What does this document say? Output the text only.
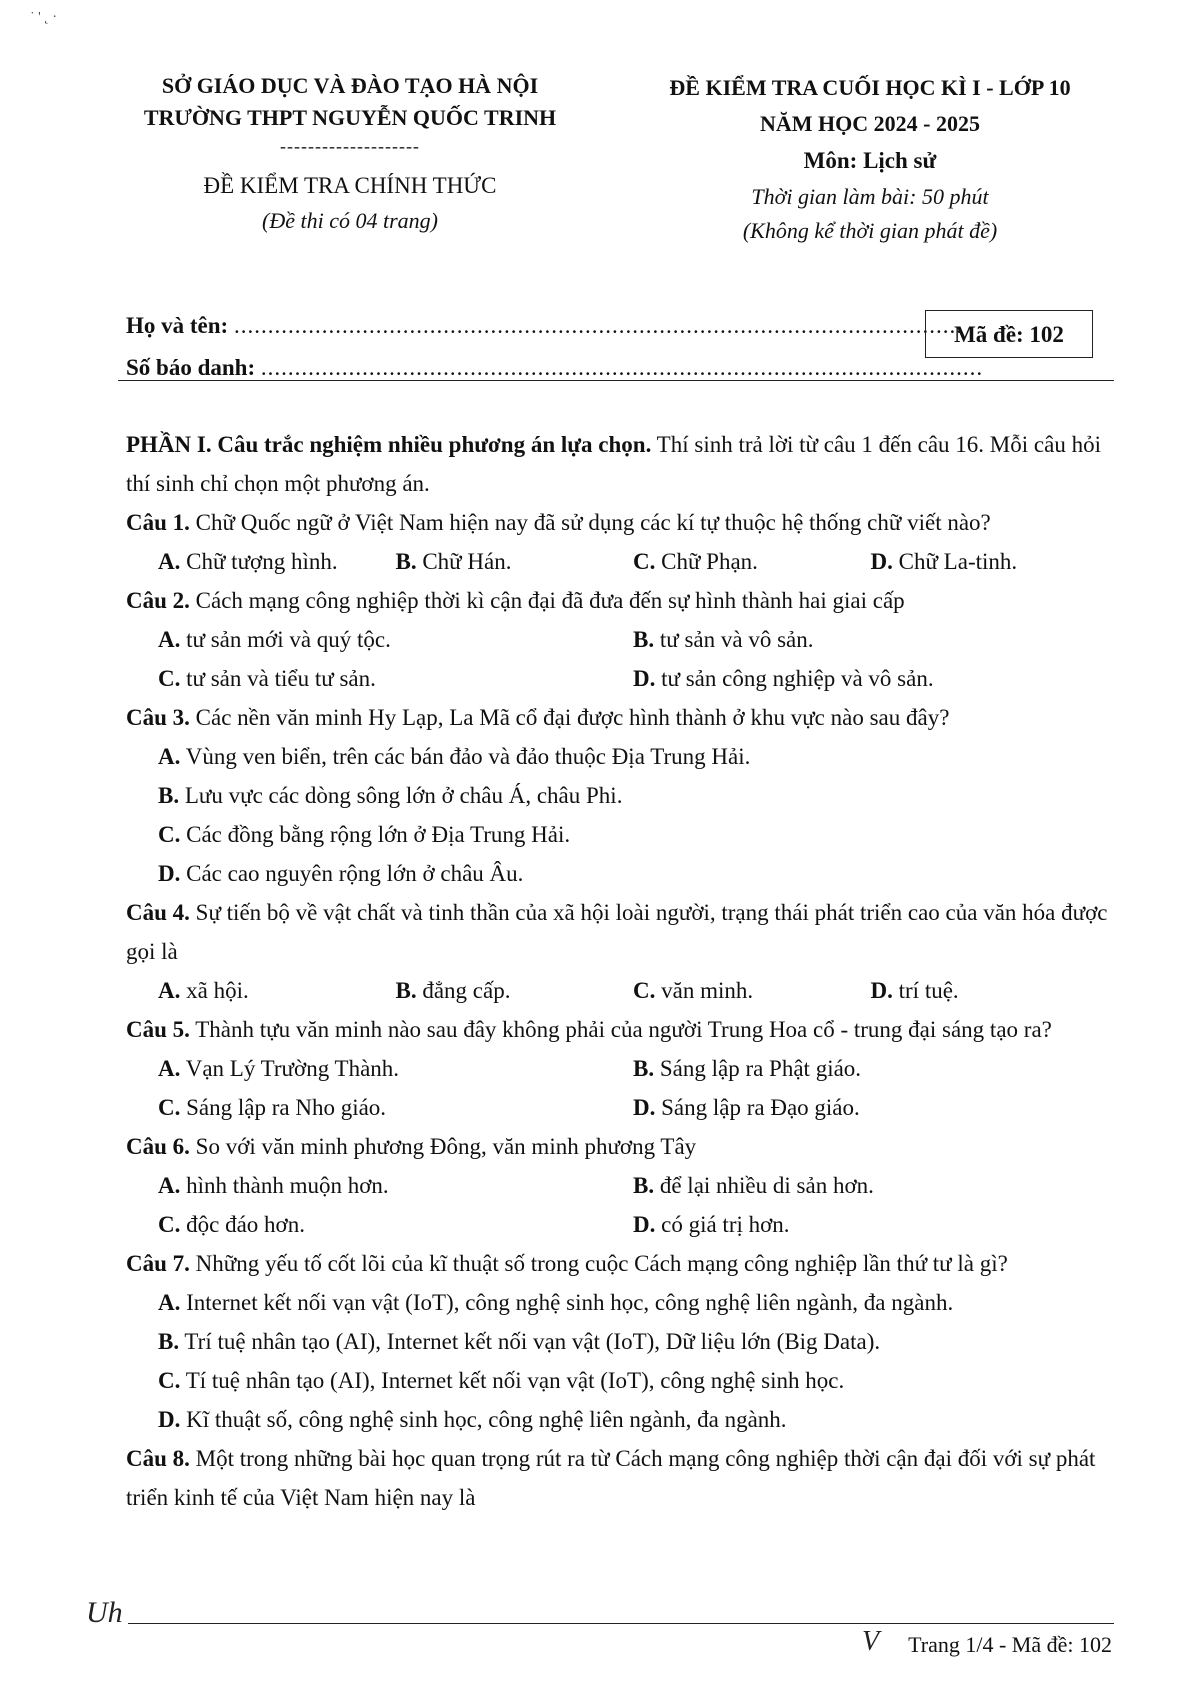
˙ ' ˛ ·
SỞ GIÁO DỤC VÀ ĐÀO TẠO HÀ NỘI
TRƯỜNG THPT NGUYỄN QUỐC TRINH
--------------------
ĐỀ KIỂM TRA CHÍNH THỨC
(Đề thi có 04 trang)
ĐỀ KIỂM TRA CUỐI HỌC KÌ I - LỚP 10
NĂM HỌC 2024 - 2025
Môn: Lịch sử
Thời gian làm bài: 50 phút
(Không kể thời gian phát đề)
Họ và tên: ............................................................................................................
Số báo danh: ...........................................................................................................
Mã đề: 102
PHẦN I. Câu trắc nghiệm nhiều phương án lựa chọn. Thí sinh trả lời từ câu 1 đến câu 16. Mỗi câu hỏi thí sinh chỉ chọn một phương án.
Câu 1. Chữ Quốc ngữ ở Việt Nam hiện nay đã sử dụng các kí tự thuộc hệ thống chữ viết nào?
A. Chữ tượng hình.	B. Chữ Hán.	C. Chữ Phạn.	D. Chữ La-tinh.
Câu 2. Cách mạng công nghiệp thời kì cận đại đã đưa đến sự hình thành hai giai cấp
A. tư sản mới và quý tộc.	B. tư sản và vô sản.
C. tư sản và tiểu tư sản.	D. tư sản công nghiệp và vô sản.
Câu 3. Các nền văn minh Hy Lạp, La Mã cổ đại được hình thành ở khu vực nào sau đây?
A. Vùng ven biển, trên các bán đảo và đảo thuộc Địa Trung Hải.
B. Lưu vực các dòng sông lớn ở châu Á, châu Phi.
C. Các đồng bằng rộng lớn ở Địa Trung Hải.
D. Các cao nguyên rộng lớn ở châu Âu.
Câu 4. Sự tiến bộ về vật chất và tinh thần của xã hội loài người, trạng thái phát triển cao của văn hóa được gọi là
A. xã hội.	B. đẳng cấp.	C. văn minh.	D. trí tuệ.
Câu 5. Thành tựu văn minh nào sau đây không phải của người Trung Hoa cổ - trung đại sáng tạo ra?
A. Vạn Lý Trường Thành.	B. Sáng lập ra Phật giáo.
C. Sáng lập ra Nho giáo.	D. Sáng lập ra Đạo giáo.
Câu 6. So với văn minh phương Đông, văn minh phương Tây
A. hình thành muộn hơn.	B. để lại nhiều di sản hơn.
C. độc đáo hơn.	D. có giá trị hơn.
Câu 7. Những yếu tố cốt lõi của kĩ thuật số trong cuộc Cách mạng công nghiệp lần thứ tư là gì?
A. Internet kết nối vạn vật (IoT), công nghệ sinh học, công nghệ liên ngành, đa ngành.
B. Trí tuệ nhân tạo (AI), Internet kết nối vạn vật (IoT), Dữ liệu lớn (Big Data).
C. Tí tuệ nhân tạo (AI), Internet kết nối vạn vật (IoT), công nghệ sinh học.
D. Kĩ thuật số, công nghệ sinh học, công nghệ liên ngành, đa ngành.
Câu 8. Một trong những bài học quan trọng rút ra từ Cách mạng công nghiệp thời cận đại đối với sự phát triển kinh tế của Việt Nam hiện nay là
Uh
V Trang 1/4 - Mã đề: 102
